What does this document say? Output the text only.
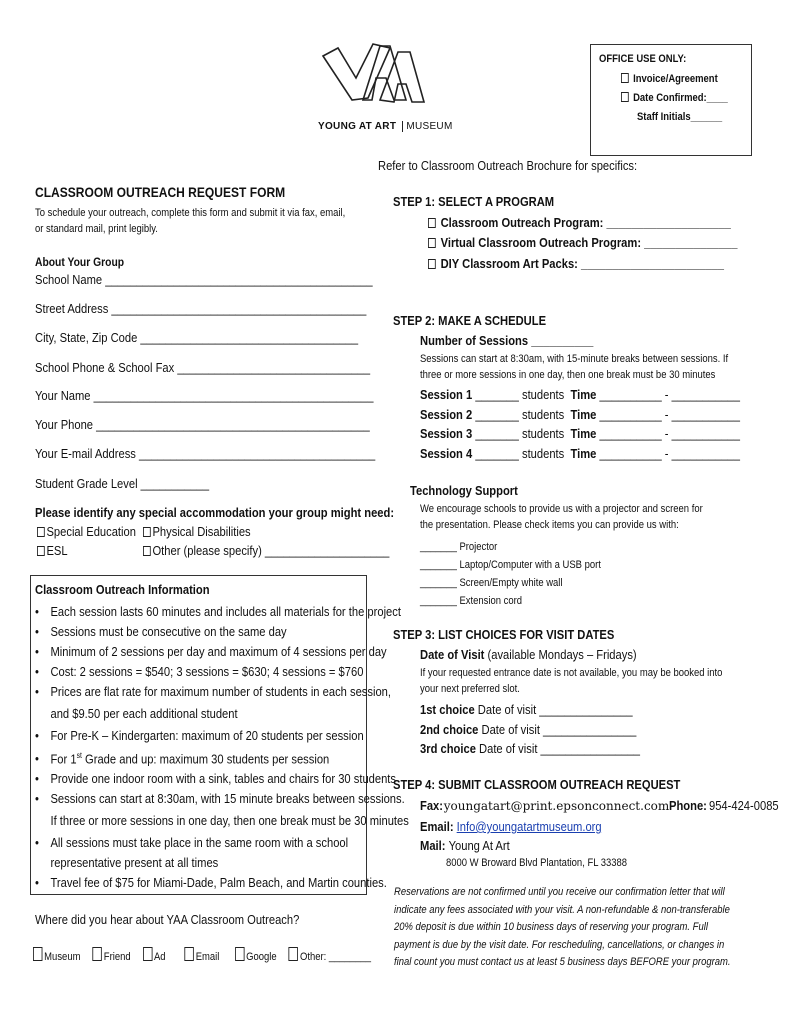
YOUNG AT ART MUSEUM
OFFICE USE ONLY:
Invoice/Agreement
Date Confirmed:____
Staff Initials______
Refer to Classroom Outreach Brochure for specifics:
CLASSROOM OUTREACH REQUEST FORM
To schedule your outreach, complete this form and submit it via fax, email, or standard mail, print legibly.
About Your Group
School Name ___________________________________________
Street Address _________________________________________
City, State, Zip Code ___________________________________
School Phone & School Fax _______________________________
Your Name _____________________________________________
Your Phone ____________________________________________
Your E-mail Address ______________________________________
Student Grade Level ___________
Please identify any special accommodation your group might need:
Special Education	Physical Disabilities
ESL	Other (please specify) ____________________
Classroom Outreach Information
• Each session lasts 60 minutes and includes all materials for the project
• Sessions must be consecutive on the same day
• Minimum of 2 sessions per day and maximum of 4 sessions per day
• Cost: 2 sessions = $540; 3 sessions = $630; 4 sessions = $760
• Prices are flat rate for maximum number of students in each session,
and $9.50 per each additional student
• For Pre-K – Kindergarten: maximum of 20 students per session
• For 1st Grade and up: maximum 30 students per session
• Provide one indoor room with a sink, tables and chairs for 30 students
• Sessions can start at 8:30am, with 15 minute breaks between sessions.
If three or more sessions in one day, then one break must be 30 minutes
• All sessions must take place in the same room with a school
representative present at all times
• Travel fee of $75 for Miami-Dade, Palm Beach, and Martin counties.
Where did you hear about YAA Classroom Outreach?
Museum Friend Ad	Email Google Other: ________
STEP 1: SELECT A PROGRAM
Classroom Outreach Program: ____________________
Virtual Classroom Outreach Program: _______________
DIY Classroom Art Packs: _______________________
STEP 2: MAKE A SCHEDULE
Number of Sessions __________
Sessions can start at 8:30am, with 15-minute breaks between sessions. If three or more sessions in one day, then one break must be 30 minutes
Session 1 _______ students Time __________ - ___________
Session 2 _______ students Time __________ - ___________
Session 3 _______ students Time __________ - ___________
Session 4 _______ students Time __________ - ___________
Technology Support
We encourage schools to provide us with a projector and screen for the presentation. Please check items you can provide us with:
_______ Projector
_______ Laptop/Computer with a USB port
_______ Screen/Empty white wall
_______ Extension cord
STEP 3: LIST CHOICES FOR VISIT DATES
Date of Visit (available Mondays – Fridays)
If your requested entrance date is not available, you may be booked into your next preferred slot.
1st choice Date of visit _______________
2nd choice Date of visit _______________
3rd choice Date of visit ________________
STEP 4: SUBMIT CLASSROOM OUTREACH REQUEST
Fax:youngatart@print.epsonconnect.comPhone:954-424-0085
Email: Info@youngatartmuseum.org
Mail: Young At Art
8000 W Broward Blvd Plantation, FL 33388
Reservations are not confirmed until you receive our confirmation letter that will indicate any fees associated with your visit. A non-refundable & non-transferable 20% deposit is due within 10 business days of reserving your program. Full payment is due by the visit date. For rescheduling, cancellations, or changes in final count you must contact us at least 5 business days BEFORE your program.
